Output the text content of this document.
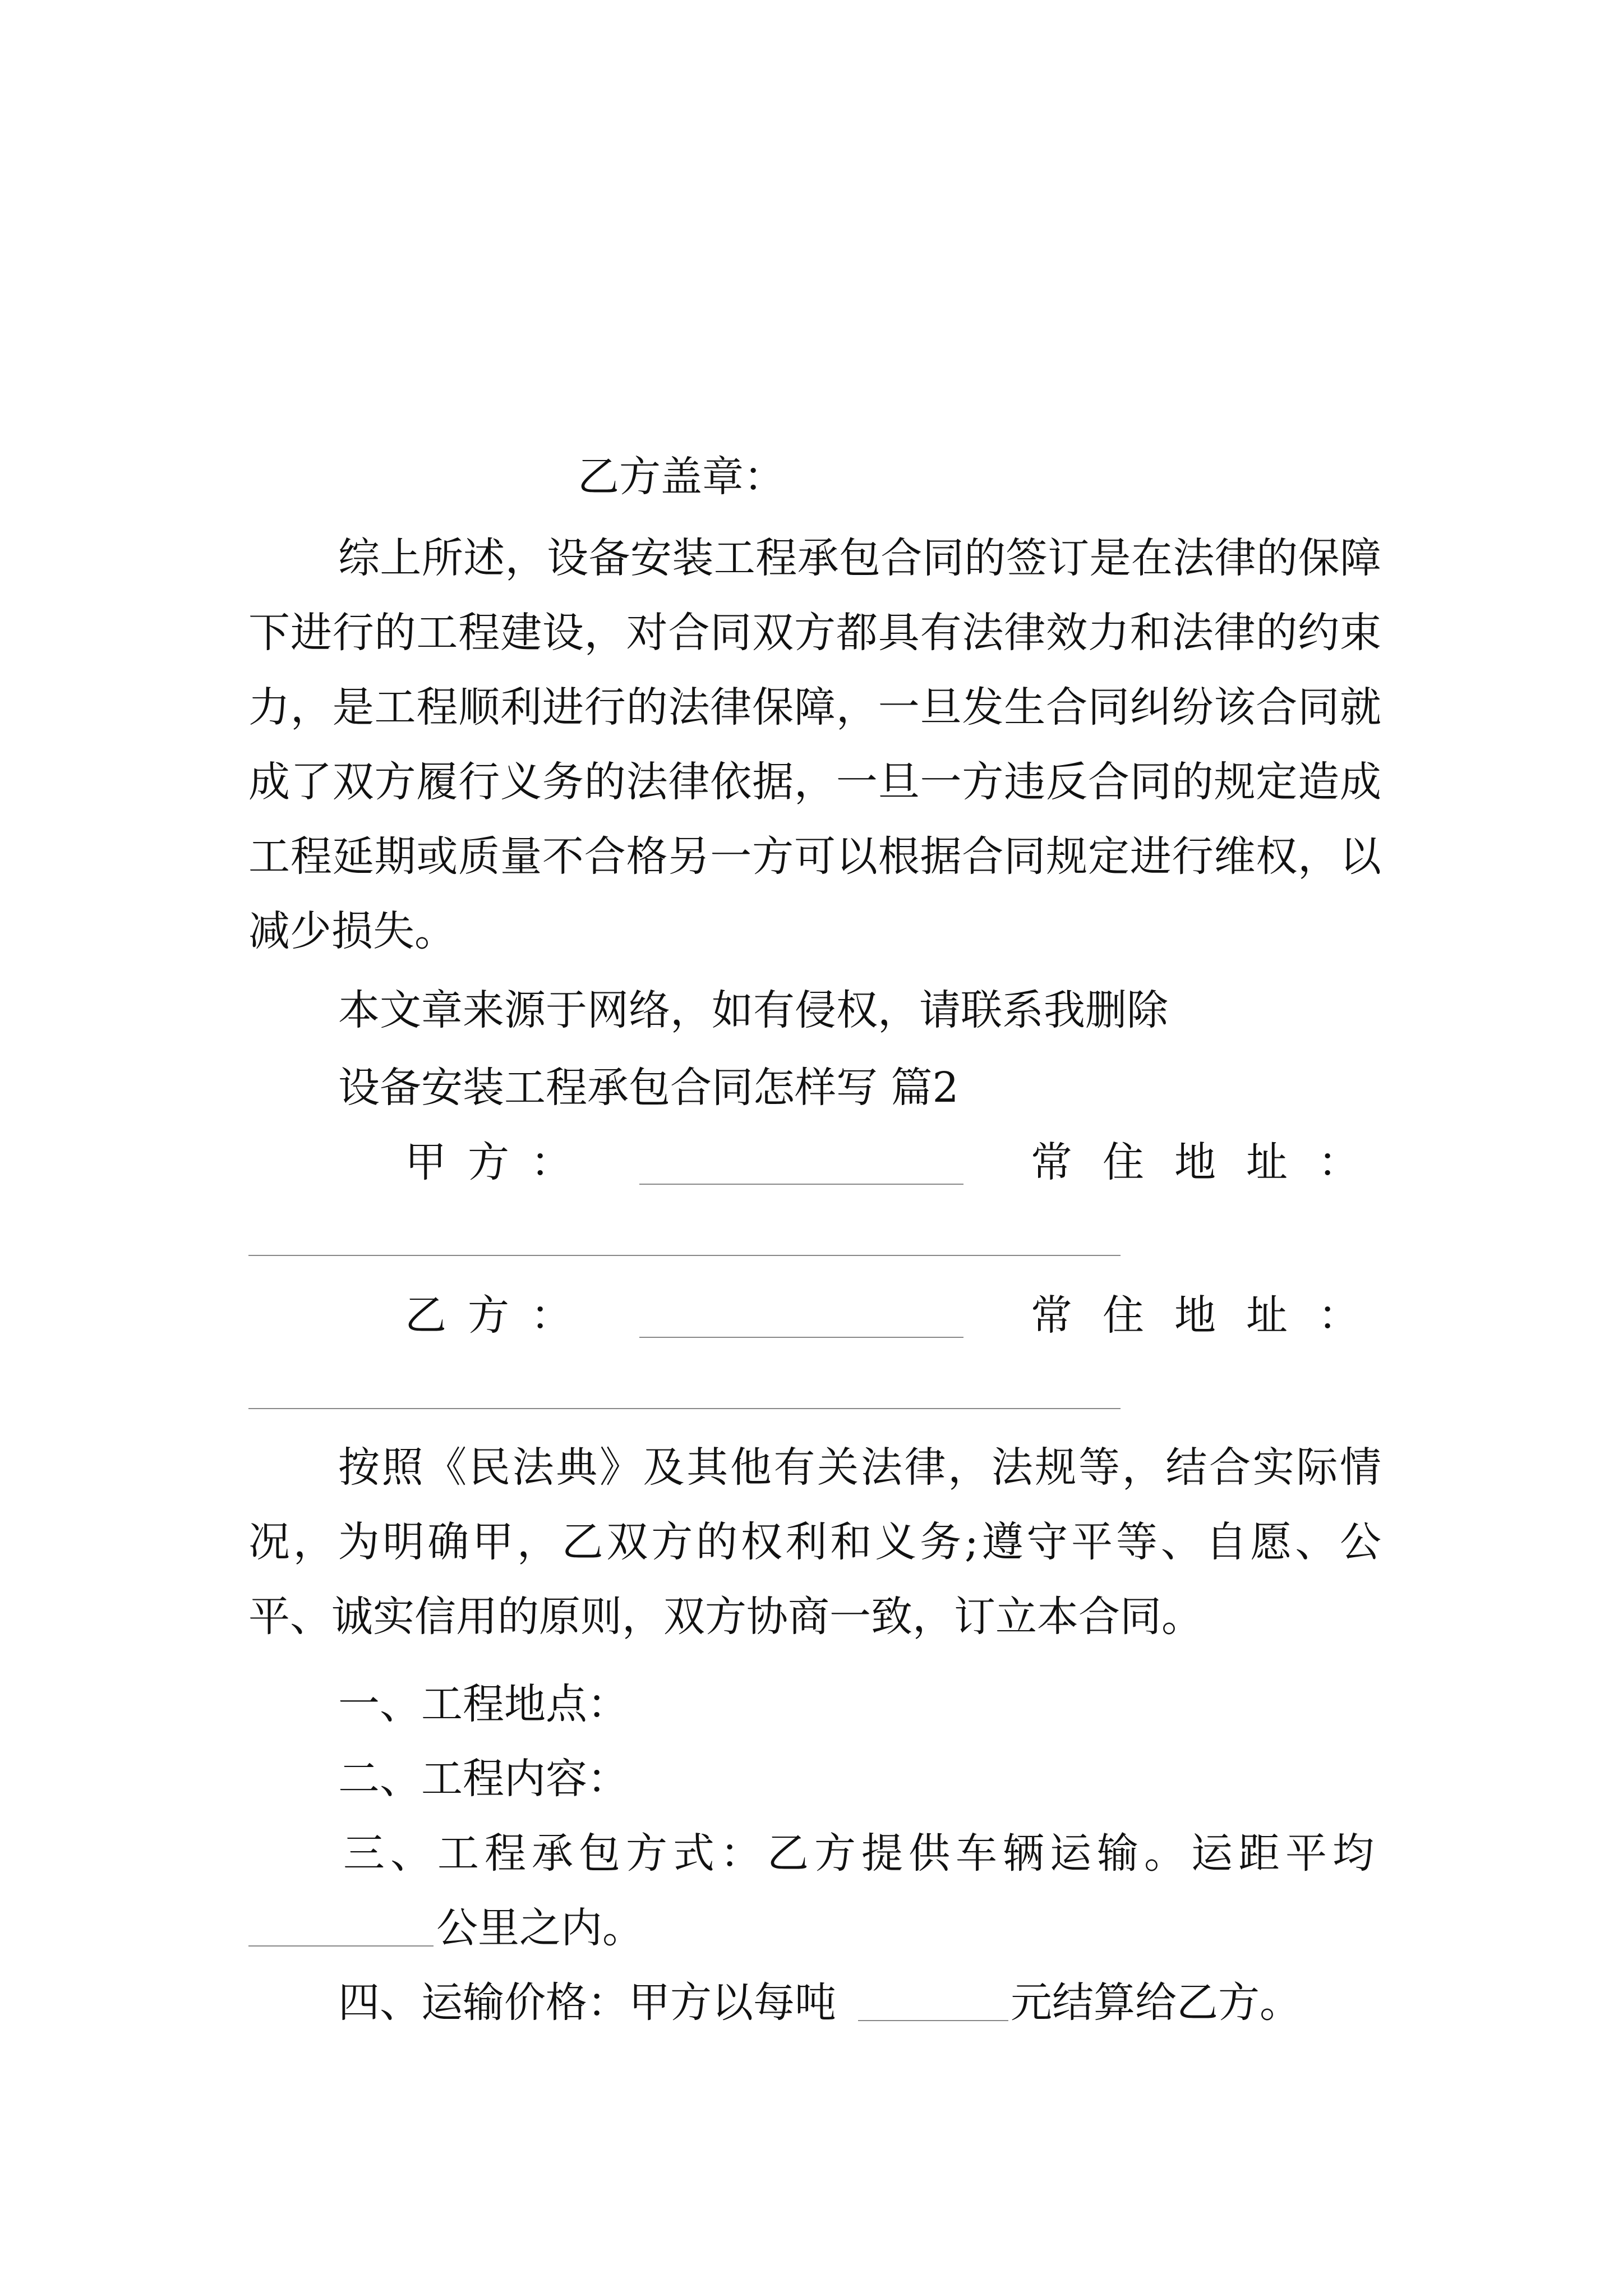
乙方盖章：
综上所述，设备安装工程承包合同的签订是在法律的保障下进行的工程建设，对合同双方都具有法律效力和法律的约束力，是工程顺利进行的法律保障，一旦发生合同纠纷该合同就成了双方履行义务的法律依据，一旦一方违反合同的规定造成工程延期或质量不合格另一方可以根据合同规定进行维权，以减少损失。
本文章来源于网络，如有侵权，请联系我删除
设备安装工程承包合同怎样写 篇2
甲方：	常住地址：
乙方：	常住地址：
按照《民法典》及其他有关法律，法规等，结合实际情况，为明确甲，乙双方的权利和义务;遵守平等、自愿、公平、诚实信用的原则，双方协商一致，订立本合同。
一、工程地点：
二、工程内容：
三、工程承包方式：乙方提供车辆运输。运距平均
公里之内。
四、运输价格：甲方以每吨	元结算给乙方。
